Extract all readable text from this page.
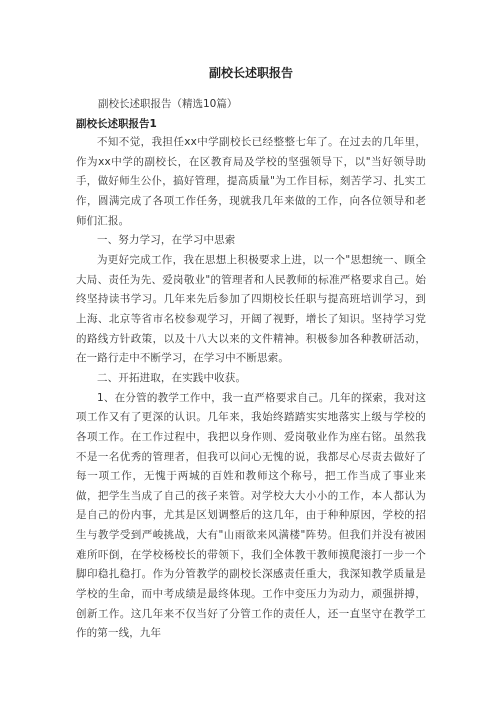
副校长述职报告
副校长述职报告（精选10篇）
副校长述职报告1

不知不觉，我担任xx中学副校长已经整整七年了。在过去的几年里，作为xx中学的副校长，在区教育局及学校的坚强领导下，以"当好领导助手，做好师生公仆，搞好管理，提高质量"为工作目标，刻苦学习、扎实工作，圆满完成了各项工作任务，现就我几年来做的工作，向各位领导和老师们汇报。

一、努力学习，在学习中思索

为更好完成工作，我在思想上积极要求上进，以一个"思想统一、顾全大局、责任为先、爱岗敬业"的管理者和人民教师的标准严格要求自己。始终坚持读书学习。几年来先后参加了四期校长任职与提高班培训学习，到上海、北京等省市名校参观学习，开阔了视野，增长了知识。坚持学习党的路线方针政策，以及十八大以来的文件精神。积极参加各种教研活动，在一路行走中不断学习，在学习中不断思索。

二、开拓进取，在实践中收获。

1、在分管的教学工作中，我一直严格要求自己。几年的探索，我对这项工作又有了更深的认识。几年来，我始终踏踏实实地落实上级与学校的各项工作。在工作过程中，我把以身作则、爱岗敬业作为座右铭。虽然我不是一名优秀的管理者，但我可以问心无愧的说，我都尽心尽责去做好了每一项工作，无愧于两城的百姓和教师这个称号，把工作当成了事业来做，把学生当成了自己的孩子来管。对学校大大小小的工作，本人都认为是自己的份内事，尤其是区划调整后的这几年，由于种种原因，学校的招生与教学受到严峻挑战，大有"山雨欲来风满楼"阵势。但我们并没有被困难所吓倒，在学校杨校长的带领下，我们全体教干教师摸爬滚打一步一个脚印稳扎稳打。作为分管教学的副校长深感责任重大，我深知教学质量是学校的生命，而中考成绩是最终体现。工作中变压力为动力，顽强拼搏，创新工作。这几年来不仅当好了分管工作的责任人，还一直坚守在教学工作的第一线，九年
